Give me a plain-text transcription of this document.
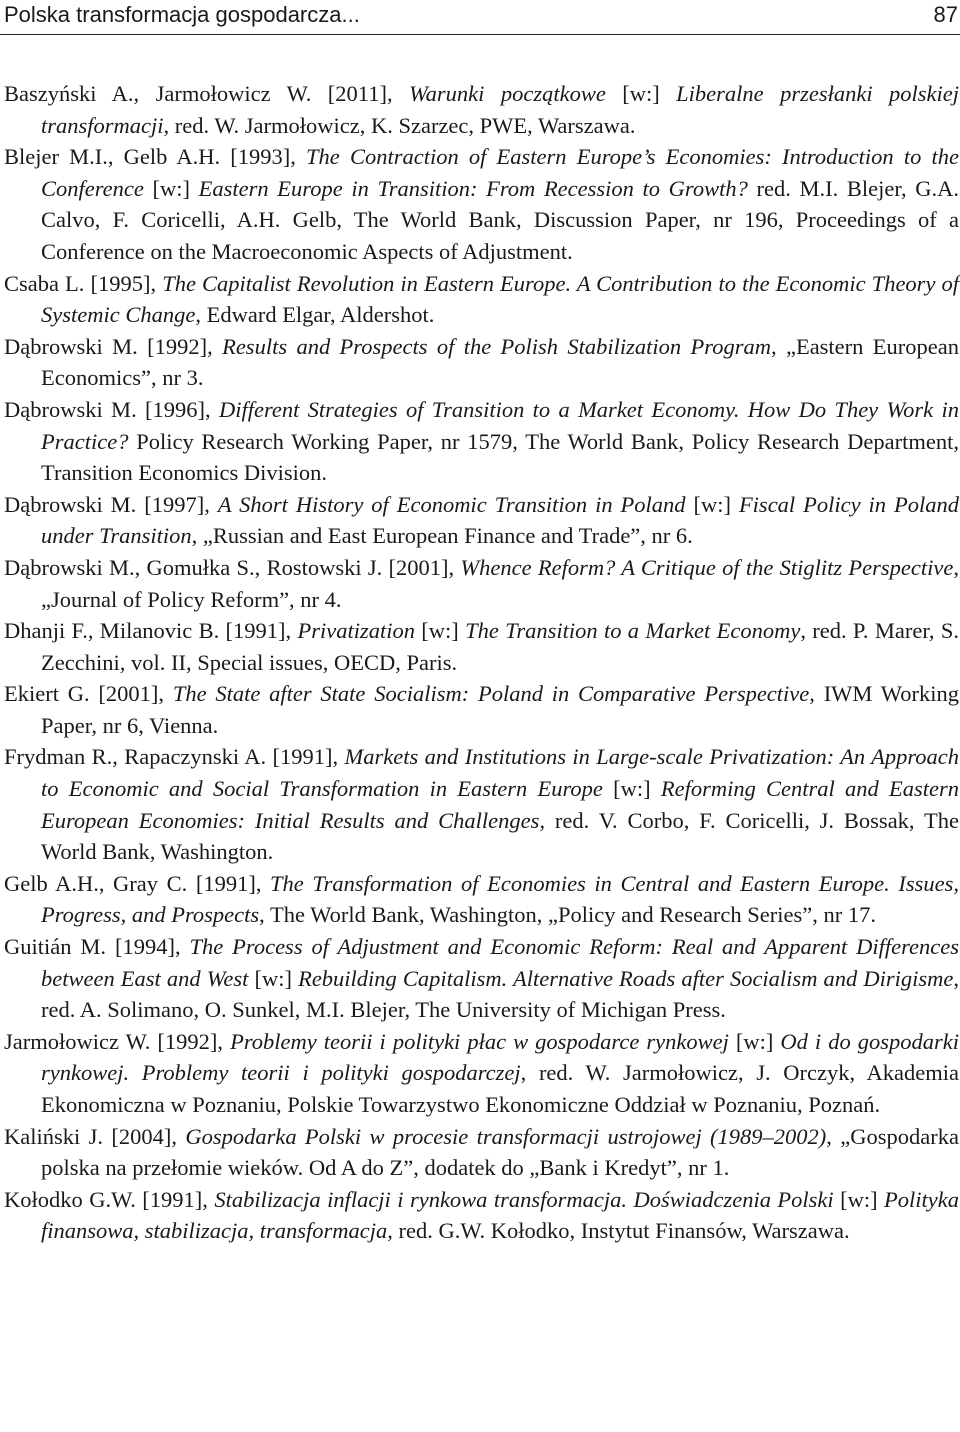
Polska transformacja gospodarcza...	87
Baszyński A., Jarmołowicz W. [2011], Warunki początkowe [w:] Liberalne przesłanki polskiej transformacji, red. W. Jarmołowicz, K. Szarzec, PWE, Warszawa.
Blejer M.I., Gelb A.H. [1993], The Contraction of Eastern Europe’s Economies: Introduction to the Conference [w:] Eastern Europe in Transition: From Recession to Growth? red. M.I. Blejer, G.A. Calvo, F. Coricelli, A.H. Gelb, The World Bank, Discussion Paper, nr 196, Proceedings of a Conference on the Macroeconomic Aspects of Adjustment.
Csaba L. [1995], The Capitalist Revolution in Eastern Europe. A Contribution to the Economic Theory of Systemic Change, Edward Elgar, Aldershot.
Dąbrowski M. [1992], Results and Prospects of the Polish Stabilization Program, „Eastern European Economics”, nr 3.
Dąbrowski M. [1996], Different Strategies of Transition to a Market Economy. How Do They Work in Practice? Policy Research Working Paper, nr 1579, The World Bank, Policy Research Department, Transition Economics Division.
Dąbrowski M. [1997], A Short History of Economic Transition in Poland [w:] Fiscal Policy in Poland under Transition, „Russian and East European Finance and Trade”, nr 6.
Dąbrowski M., Gomułka S., Rostowski J. [2001], Whence Reform? A Critique of the Stiglitz Perspective, „Journal of Policy Reform”, nr 4.
Dhanji F., Milanovic B. [1991], Privatization [w:] The Transition to a Market Economy, red. P. Marer, S. Zecchini, vol. II, Special issues, OECD, Paris.
Ekiert G. [2001], The State after State Socialism: Poland in Comparative Perspective, IWM Working Paper, nr 6, Vienna.
Frydman R., Rapaczynski A. [1991], Markets and Institutions in Large-scale Privatization: An Approach to Economic and Social Transformation in Eastern Europe [w:] Reforming Central and Eastern European Economies: Initial Results and Challenges, red. V. Corbo, F. Coricelli, J. Bossak, The World Bank, Washington.
Gelb A.H., Gray C. [1991], The Transformation of Economies in Central and Eastern Europe. Issues, Progress, and Prospects, The World Bank, Washington, „Policy and Research Series”, nr 17.
Guitián M. [1994], The Process of Adjustment and Economic Reform: Real and Apparent Differences between East and West [w:] Rebuilding Capitalism. Alternative Roads after Socialism and Dirigisme, red. A. Solimano, O. Sunkel, M.I. Blejer, The University of Michigan Press.
Jarmołowicz W. [1992], Problemy teorii i polityki płac w gospodarce rynkowej [w:] Od i do gospodarki rynkowej. Problemy teorii i polityki gospodarczej, red. W. Jarmołowicz, J. Orczyk, Akademia Ekonomiczna w Poznaniu, Polskie Towarzystwo Ekonomiczne Oddział w Poznaniu, Poznań.
Kaliński J. [2004], Gospodarka Polski w procesie transformacji ustrojowej (1989–2002), „Gospodarka polska na przełomie wieków. Od A do Z”, dodatek do „Bank i Kredyt”, nr 1.
Kołodko G.W. [1991], Stabilizacja inflacji i rynkowa transformacja. Doświadczenia Polski [w:] Polityka finansowa, stabilizacja, transformacja, red. G.W. Kołodko, Instytut Finansów, Warszawa.
